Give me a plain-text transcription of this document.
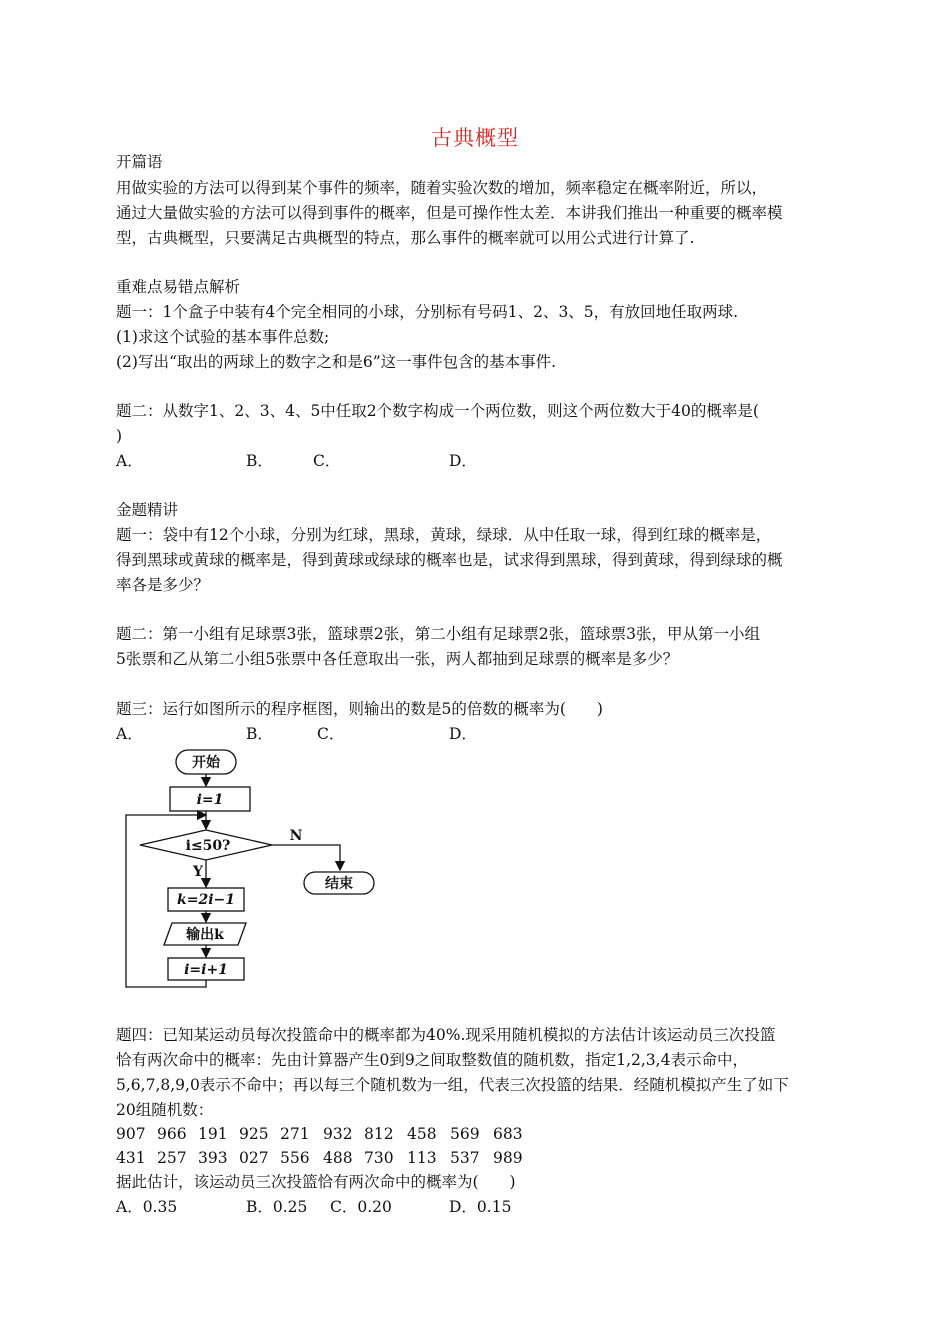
古典概型
开篇语
用做实验的方法可以得到某个事件的频率，随着实验次数的增加，频率稳定在概率附近，所以，
通过大量做实验的方法可以得到事件的概率，但是可操作性太差．本讲我们推出一种重要的概率模
型，古典概型，只要满足古典概型的特点，那么事件的概率就可以用公式进行计算了.
重难点易错点解析
题一：1个盒子中装有4个完全相同的小球，分别标有号码1、2、3、5，有放回地任取两球.
(1)求这个试验的基本事件总数;
(2)写出“取出的两球上的数字之和是6”这一事件包含的基本事件.
题二：从数字1、2、3、4、5中任取2个数字构成一个两位数，则这个两位数大于40的概率是(
)
A．	B．	C．	D．
金题精讲
题一：袋中有12个小球，分别为红球，黑球，黄球，绿球．从中任取一球，得到红球的概率是，
得到黑球或黄球的概率是，得到黄球或绿球的概率也是，试求得到黑球，得到黄球，得到绿球的概
率各是多少？
题二：第一小组有足球票3张，篮球票2张，第二小组有足球票2张，篮球票3张，甲从第一小组
5张票和乙从第二小组5张票中各任意取出一张，两人都抽到足球票的概率是多少？
题三：运行如图所示的程序框图，则输出的数是5的倍数的概率为(　　)
A．	B．	C．	D．
开始
i=1
i≤50?
N
Y
结束
k=2i−1
输出k
i=i+1
题四：已知某运动员每次投篮命中的概率都为40%.现采用随机模拟的方法估计该运动员三次投篮
恰有两次命中的概率：先由计算器产生0到9之间取整数值的随机数，指定1,2,3,4表示命中，
5,6,7,8,9,0表示不命中；再以每三个随机数为一组，代表三次投篮的结果．经随机模拟产生了如下
20组随机数：
907 966 191 925 271 932 812 458 569 683
431 257 393 027 556 488 730 113 537 989
据此估计，该运动员三次投篮恰有两次命中的概率为(　　)
A．0.35	B．0.25 C．0.20	D．0.15
